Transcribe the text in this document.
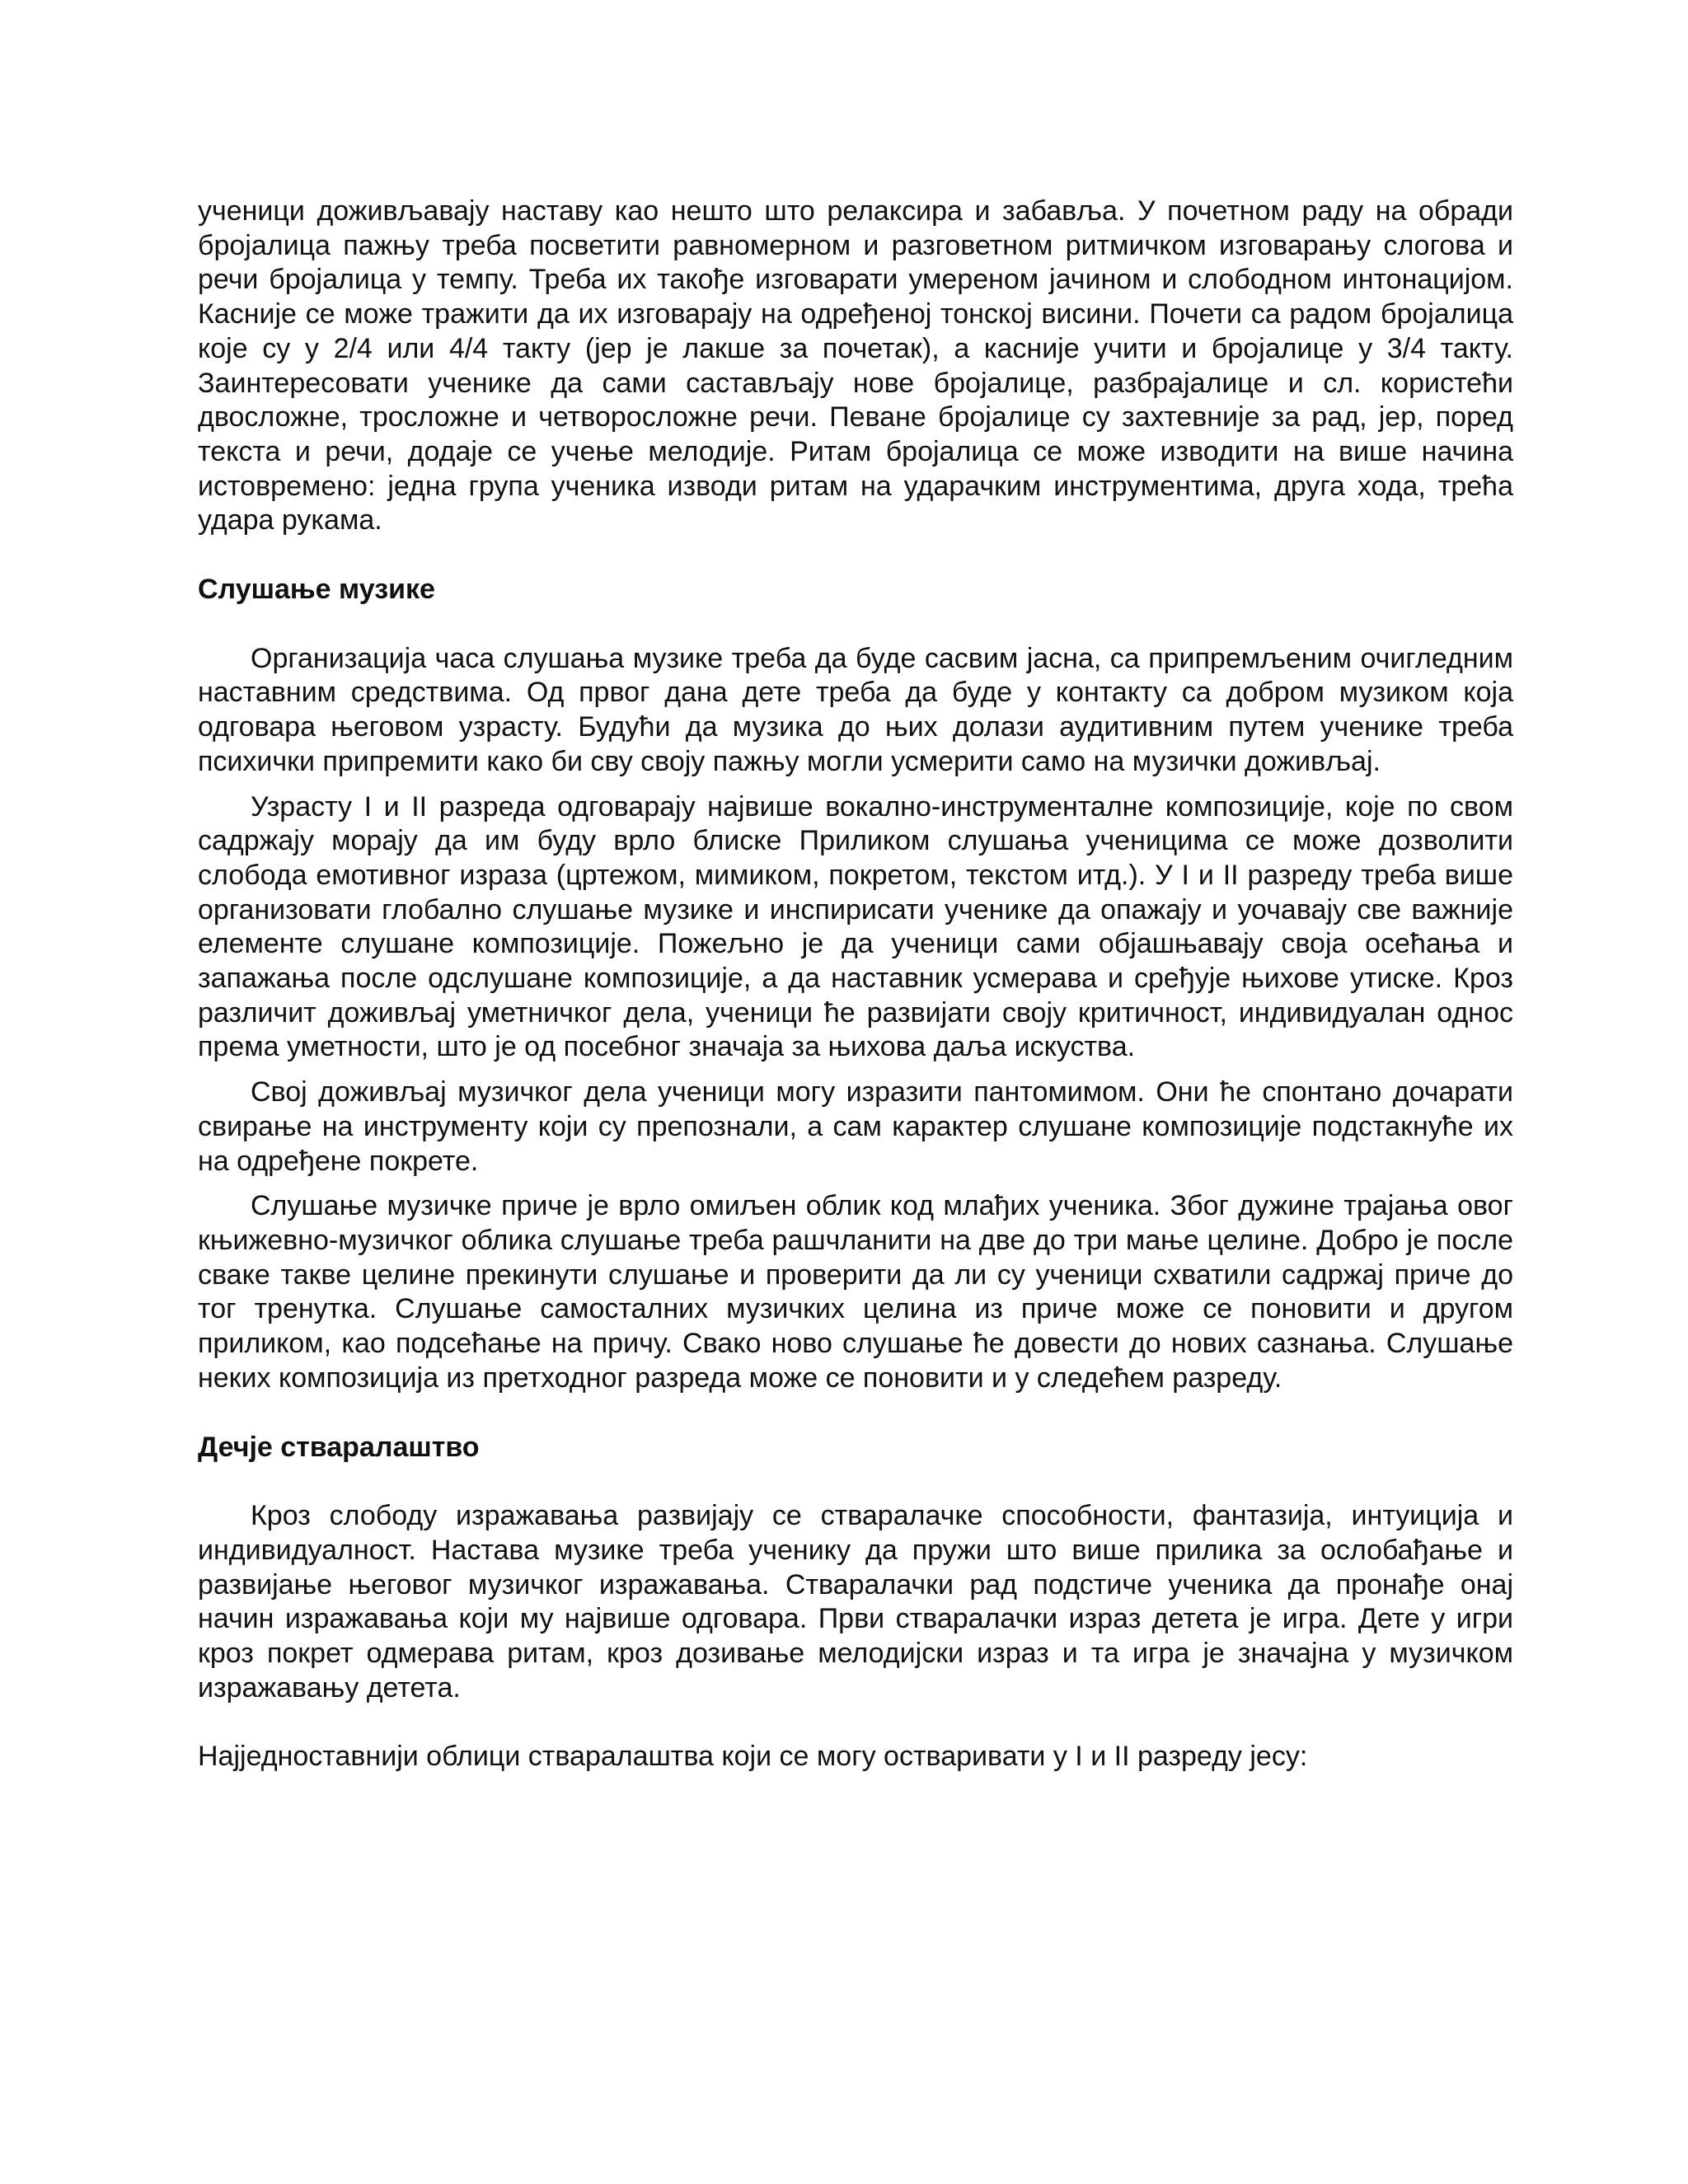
ученици доживљавају наставу као нешто што релаксира и забавља. У почетном раду на обради бројалица пажњу треба посветити равномерном и разговетном ритмичком изговарању слогова и речи бројалица у темпу. Треба их такође изговарати умереном јачином и слободном интонацијом. Касније се може тражити да их изговарају на одређеној тонској висини. Почети са радом бројалица које су у 2/4 или 4/4 такту (јер је лакше за почетак), а касније учити и бројалице у 3/4 такту. Заинтересовати ученике да сами састављају нове бројалице, разбрајалице и сл. користећи двосложне, тросложне и четворосложне речи. Певане бројалице су захтевније за рад, јер, поред текста и речи, додаје се учење мелодије. Ритам бројалица се може изводити на више начина истовремено: једна група ученика изводи ритам на ударачким инструментима, друга хода, трећа удара рукама.

Слушање музике

Организација часа слушања музике треба да буде сасвим јасна, са припремљеним очигледним наставним средствима. Од првог дана дете треба да буде у контакту са добром музиком која одговара његовом узрасту. Будући да музика до њих долази аудитивним путем ученике треба психички припремити како би сву своју пажњу могли усмерити само на музички доживљај.

Узрасту I и II разреда одговарају највише вокално-инструменталне композиције, које по свом садржају морају да им буду врло блиске Приликом слушања ученицима се може дозволити слобода емотивног израза (цртежом, мимиком, покретом, текстом итд.). У I и II разреду треба више организовати глобално слушање музике и инспирисати ученике да опажају и уочавају све важније елементе слушане композиције. Пожељно је да ученици сами објашњавају своја осећања и запажања после одслушане композиције, а да наставник усмерава и сређује њихове утиске. Кроз различит доживљај уметничког дела, ученици ће развијати своју критичност, индивидуалан однос према уметности, што је од посебног значаја за њихова даља искуства.

Свој доживљај музичког дела ученици могу изразити пантомимом. Они ће спонтано дочарати свирање на инструменту који су препознали, а сам карактер слушане композиције подстакнуће их на одређене покрете.

Слушање музичке приче је врло омиљен облик код млађих ученика. Због дужине трајања овог књижевно-музичког облика слушање треба рашчланити на две до три мање целине. Добро је после сваке такве целине прекинути слушање и проверити да ли су ученици схватили садржај приче до тог тренутка. Слушање самосталних музичких целина из приче може се поновити и другом приликом, као подсећање на причу. Свако ново слушање ће довести до нових сазнања. Слушање неких композиција из претходног разреда може се поновити и у следећем разреду.

Дечје стваралаштво

Кроз слободу изражавања развијају се стваралачке способности, фантазија, интуиција и индивидуалност. Настава музике треба ученику да пружи што више прилика за ослобађање и развијање његовог музичког изражавања. Стваралачки рад подстиче ученика да пронађе онај начин изражавања који му највише одговара. Први стваралачки израз детета је игра. Дете у игри кроз покрет одмерава ритам, кроз дозивање мелодијски израз и та игра је значајна у музичком изражавању детета.

Најједноставнији облици стваралаштва који се могу остваривати у I и II разреду јесу:
